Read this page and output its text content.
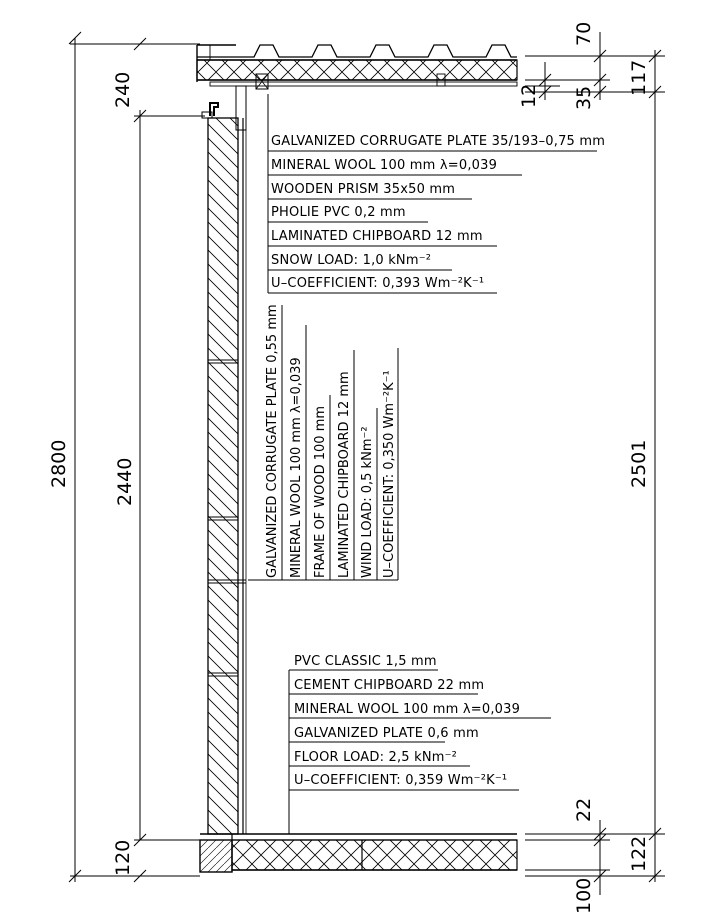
GALVANIZED CORRUGATE PLATE 35/193–0,75 mm
MINERAL WOOL 100 mm λ=0,039
WOODEN PRISM 35x50 mm
PHOLIE PVC 0,2 mm
LAMINATED CHIPBOARD 12 mm
SNOW LOAD: 1,0 kNm⁻²
U–COEFFICIENT: 0,393 Wm⁻²K⁻¹
GALVANIZED CORRUGATE PLATE 0,55 mm MINERAL WOOL 100 mm λ=0,039 FRAME OF WOOD 100 mm LAMINATED CHIPBOARD 12 mm WIND LOAD: 0,5 kNm⁻² U–COEFFICIENT: 0,350 Wm⁻²K⁻¹
PVC CLASSIC 1,5 mm
CEMENT CHIPBOARD 22 mm
MINERAL WOOL 100 mm λ=0,039
GALVANIZED PLATE 0,6 mm
FLOOR LOAD: 2,5 kNm⁻²
U–COEFFICIENT: 0,359 Wm⁻²K⁻¹
2800 2440
240
120
2501
70
117
35
12
22
122
100
